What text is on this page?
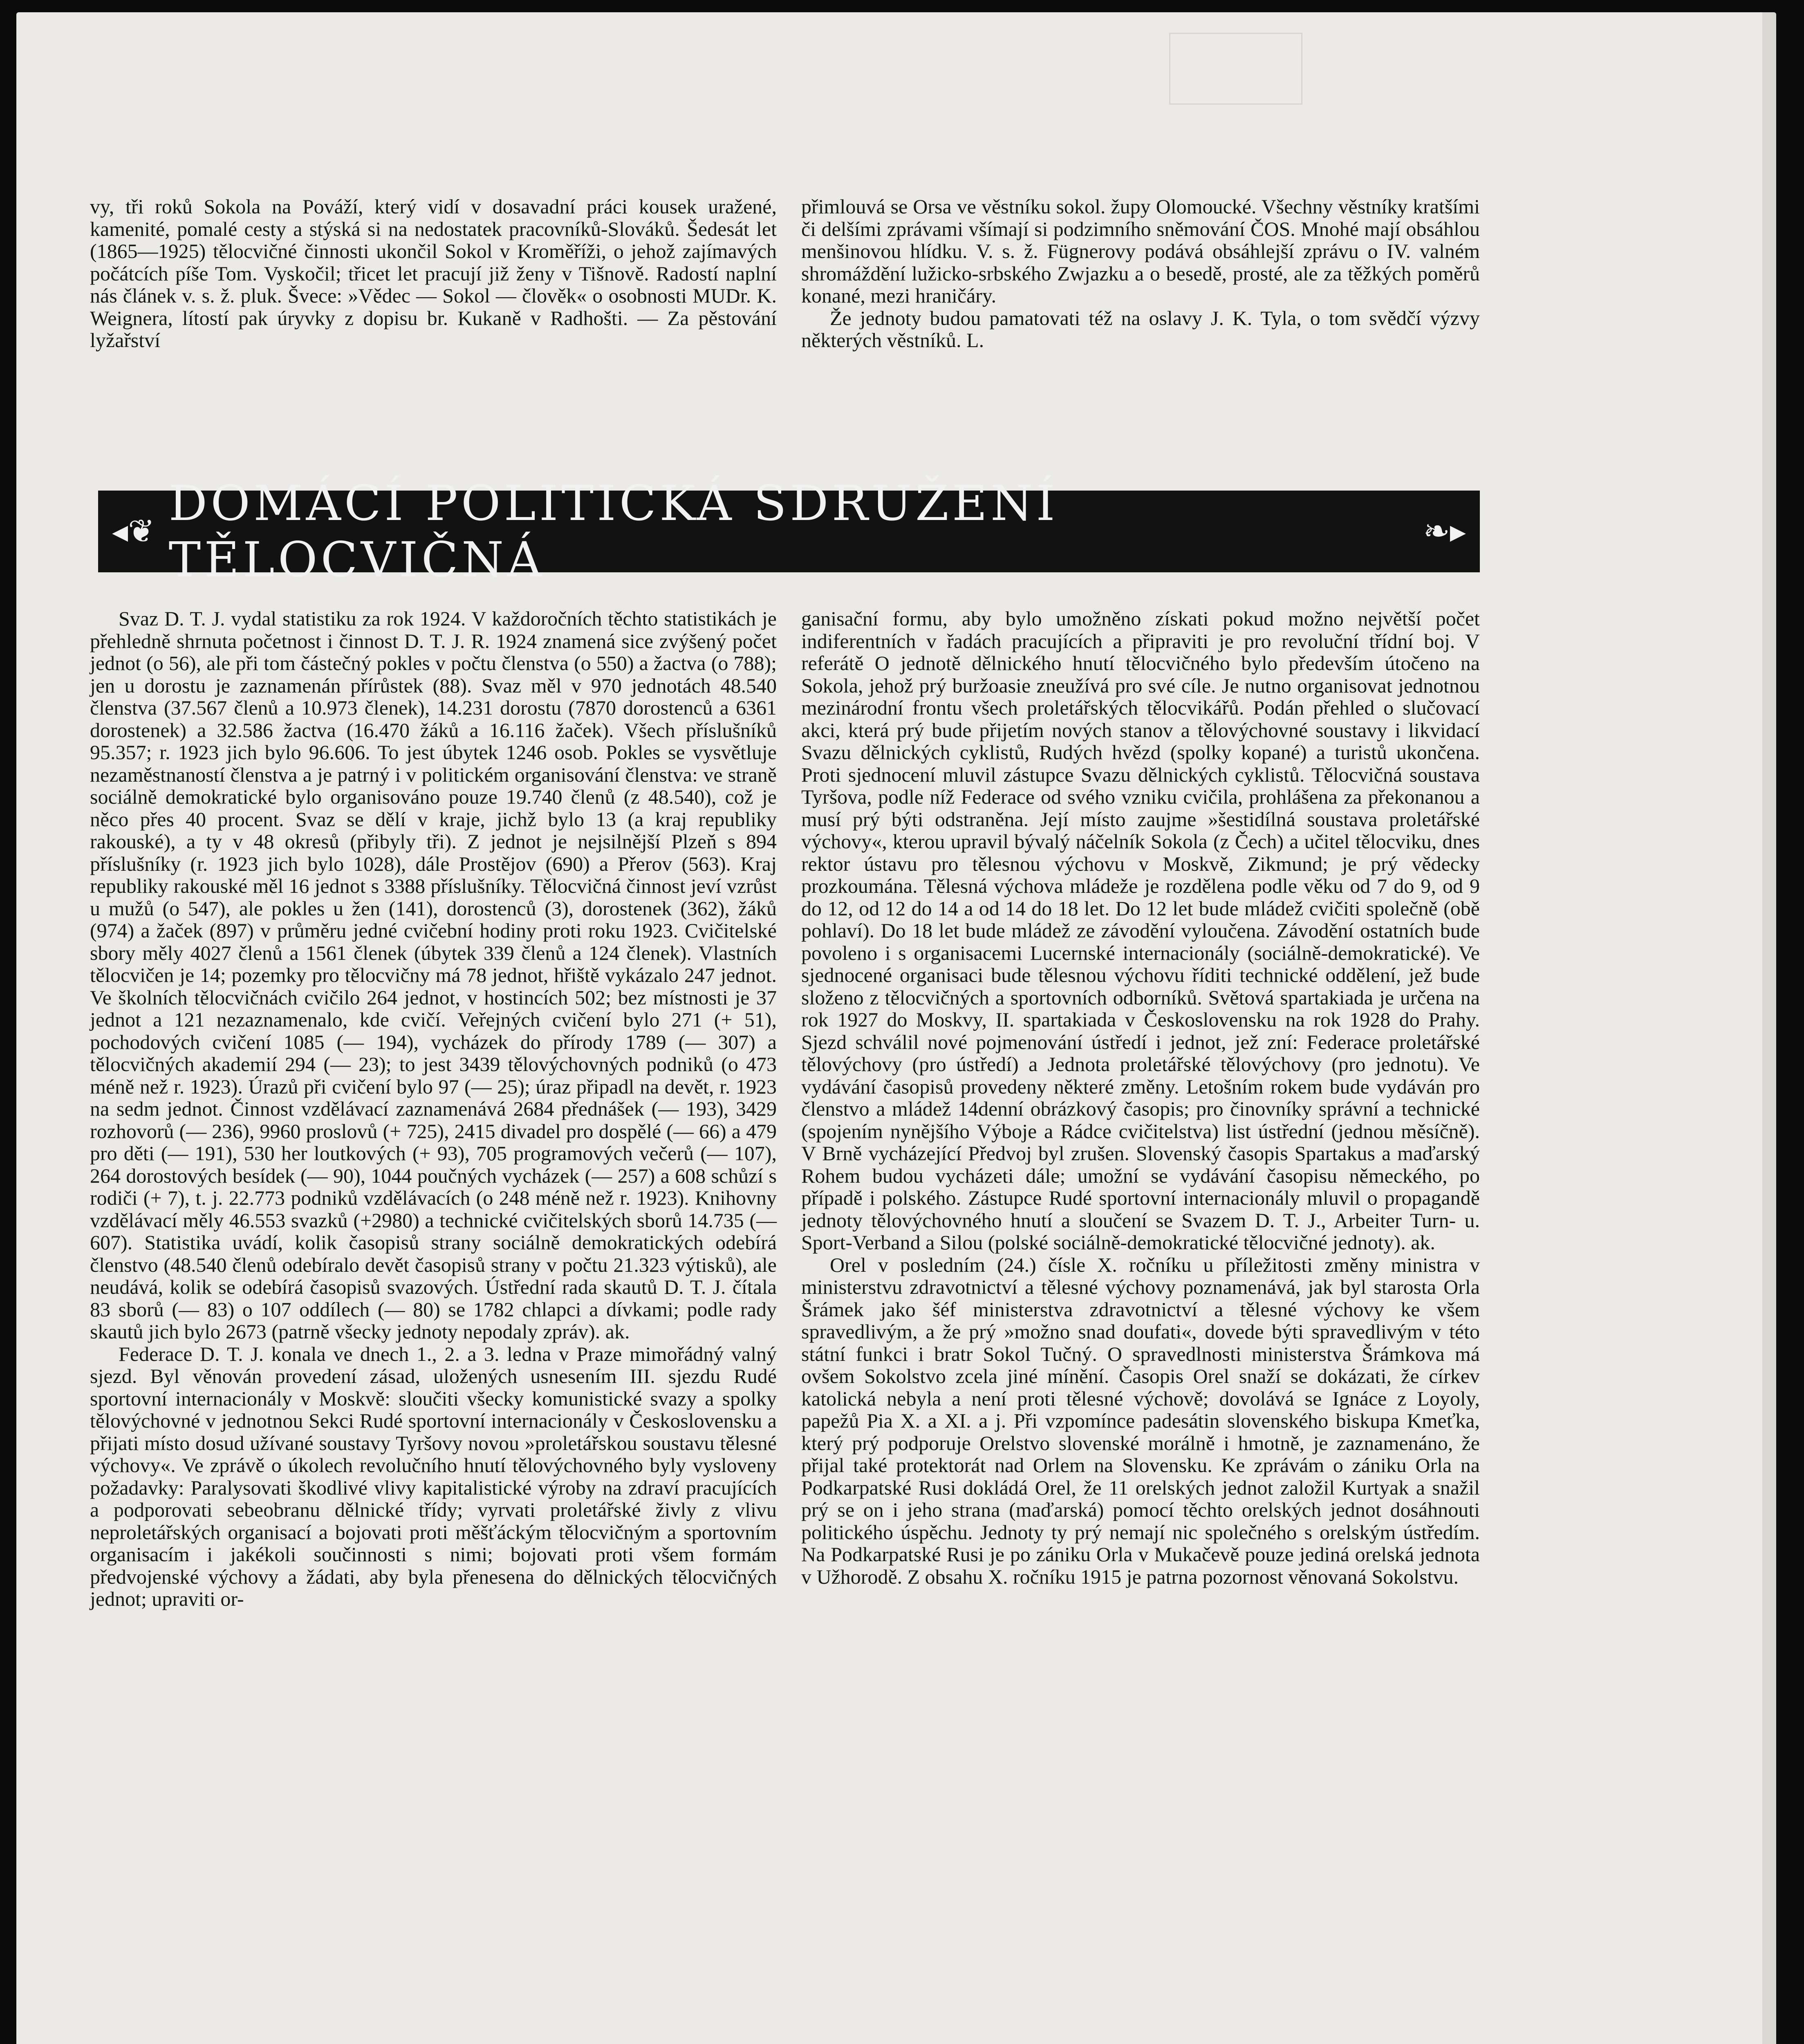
vy, tři roků Sokola na Pováží, který vidí v dosavadní práci kousek uražené, kamenité, pomalé cesty a stýská si na nedostatek pracovníků-Slováků. Šedesát let (1865—1925) tělocvičné činnosti ukončil Sokol v Kroměříži, o jehož zajímavých počátcích píše Tom. Vyskočil; třicet let pracují již ženy v Tišnově. Radostí naplní nás článek v. s. ž. pluk. Švece: »Vědec — Sokol — člověk« o osobnosti MUDr. K. Weignera, lítostí pak úryvky z dopisu br. Kukaně v Radhošti. — Za pěstování lyžařství

přimlouvá se Orsa ve věstníku sokol. župy Olomoucké. Všechny věstníky kratšími či delšími zprávami všímají si podzimního sněmování ČOS. Mnohé mají obsáhlou menšinovou hlídku. V. s. ž. Fügnerovy podává obsáhlejší zprávu o IV. valném shromáždění lužicko-srbského Zwjazku a o besedě, prosté, ale za těžkých poměrů konané, mezi hraničáry.

Že jednoty budou pamatovati též na oslavy J. K. Tyla, o tom svědčí výzvy některých věstníků. L.

◂❦ DOMÁCÍ POLITICKÁ SDRUŽENÍ TĚLOCVIČNÁ	❧▸

Svaz D. T. J. vydal statistiku za rok 1924. V každoročních těchto statistikách je přehledně shrnuta početnost i činnost D. T. J. R. 1924 znamená sice zvýšený počet jednot (o 56), ale při tom částečný pokles v počtu členstva (o 550) a žactva (o 788); jen u dorostu je zaznamenán přírůstek (88). Svaz měl v 970 jednotách 48.540 členstva (37.567 členů a 10.973 členek), 14.231 dorostu (7870 dorostenců a 6361 dorostenek) a 32.586 žactva (16.470 žáků a 16.116 žaček). Všech příslušníků 95.357; r. 1923 jich bylo 96.606. To jest úbytek 1246 osob. Pokles se vysvětluje nezaměstnaností členstva a je patrný i v politickém organisování členstva: ve straně sociálně demokratické bylo organisováno pouze 19.740 členů (z 48.540), což je něco přes 40 procent. Svaz se dělí v kraje, jichž bylo 13 (a kraj republiky rakouské), a ty v 48 okresů (přibyly tři). Z jednot je nejsilnější Plzeň s 894 příslušníky (r. 1923 jich bylo 1028), dále Prostějov (690) a Přerov (563). Kraj republiky rakouské měl 16 jednot s 3388 příslušníky. Tělocvičná činnost jeví vzrůst u mužů (o 547), ale pokles u žen (141), dorostenců (3), dorostenek (362), žáků (974) a žaček (897) v průměru jedné cvičební hodiny proti roku 1923. Cvičitelské sbory měly 4027 členů a 1561 členek (úbytek 339 členů a 124 členek). Vlastních tělocvičen je 14; pozemky pro tělocvičny má 78 jednot, hřiště vykázalo 247 jednot. Ve školních tělocvičnách cvičilo 264 jednot, v hostincích 502; bez místnosti je 37 jednot a 121 nezaznamenalo, kde cvičí. Veřejných cvičení bylo 271 (+ 51), pochodových cvičení 1085 (— 194), vycházek do přírody 1789 (— 307) a tělocvičných akademií 294 (— 23); to jest 3439 tělovýchovných podniků (o 473 méně než r. 1923). Úrazů při cvičení bylo 97 (— 25); úraz připadl na devět, r. 1923 na sedm jednot. Činnost vzdělávací zaznamenává 2684 přednášek (— 193), 3429 rozhovorů (— 236), 9960 proslovů (+ 725), 2415 divadel pro dospělé (— 66) a 479 pro děti (— 191), 530 her loutkových (+ 93), 705 programových večerů (— 107), 264 dorostových besídek (— 90), 1044 poučných vycházek (— 257) a 608 schůzí s rodiči (+ 7), t. j. 22.773 podniků vzdělávacích (o 248 méně než r. 1923). Knihovny vzdělávací měly 46.553 svazků (+2980) a technické cvičitelských sborů 14.735 (— 607). Statistika uvádí, kolik časopisů strany sociálně demokratických odebírá členstvo (48.540 členů odebíralo devět časopisů strany v počtu 21.323 výtisků), ale neudává, kolik se odebírá časopisů svazových. Ústřední rada skautů D. T. J. čítala 83 sborů (— 83) o 107 oddílech (— 80) se 1782 chlapci a dívkami; podle rady skautů jich bylo 2673 (patrně všecky jednoty nepodaly zpráv). ak.

Federace D. T. J. konala ve dnech 1., 2. a 3. ledna v Praze mimořádný valný sjezd. Byl věnován provedení zásad, uložených usnesením III. sjezdu Rudé sportovní internacionály v Moskvě: sloučiti všecky komunistické svazy a spolky tělovýchovné v jednotnou Sekci Rudé sportovní internacionály v Československu a přijati místo dosud užívané soustavy Tyršovy novou »proletářskou soustavu tělesné výchovy«. Ve zprávě o úkolech revolučního hnutí tělovýchovného byly vysloveny požadavky: Paralysovati škodlivé vlivy kapitalistické výroby na zdraví pracujících a podporovati sebeobranu dělnické třídy; vyrvati proletářské živly z vlivu neproletářských organisací a bojovati proti měšťáckým tělocvičným a sportovním organisacím i jakékoli součinnosti s nimi; bojovati proti všem formám předvojenské výchovy a žádati, aby byla přenesena do dělnických tělocvičných jednot; upraviti or-

ganisační formu, aby bylo umožněno získati pokud možno největší počet indiferentních v řadách pracujících a připraviti je pro revoluční třídní boj. V referátě O jednotě dělnického hnutí tělocvičného bylo především útočeno na Sokola, jehož prý buržoasie zneužívá pro své cíle. Je nutno organisovat jednotnou mezinárodní frontu všech proletářských tělocvikářů. Podán přehled o slučovací akci, která prý bude přijetím nových stanov a tělovýchovné soustavy i likvidací Svazu dělnických cyklistů, Rudých hvězd (spolky kopané) a turistů ukončena. Proti sjednocení mluvil zástupce Svazu dělnických cyklistů. Tělocvičná soustava Tyršova, podle níž Federace od svého vzniku cvičila, prohlášena za překonanou a musí prý býti odstraněna. Její místo zaujme »šestidílná soustava proletářské výchovy«, kterou upravil bývalý náčelník Sokola (z Čech) a učitel tělocviku, dnes rektor ústavu pro tělesnou výchovu v Moskvě, Zikmund; je prý vědecky prozkoumána. Tělesná výchova mládeže je rozdělena podle věku od 7 do 9, od 9 do 12, od 12 do 14 a od 14 do 18 let. Do 12 let bude mládež cvičiti společně (obě pohlaví). Do 18 let bude mládež ze závodění vyloučena. Závodění ostatních bude povoleno i s organisacemi Lucernské internacionály (sociálně-demokratické). Ve sjednocené organisaci bude tělesnou výchovu říditi technické oddělení, jež bude složeno z tělocvičných a sportovních odborníků. Světová spartakiada je určena na rok 1927 do Moskvy, II. spartakiada v Československu na rok 1928 do Prahy. Sjezd schválil nové pojmenování ústředí i jednot, jež zní: Federace proletářské tělovýchovy (pro ústředí) a Jednota proletářské tělovýchovy (pro jednotu). Ve vydávání časopisů provedeny některé změny. Letošním rokem bude vydáván pro členstvo a mládež 14denní obrázkový časopis; pro činovníky správní a technické (spojením nynějšího Výboje a Rádce cvičitelstva) list ústřední (jednou měsíčně). V Brně vycházející Předvoj byl zrušen. Slovenský časopis Spartakus a maďarský Rohem budou vycházeti dále; umožní se vydávání časopisu německého, po případě i polského. Zástupce Rudé sportovní internacionály mluvil o propagandě jednoty tělovýchovného hnutí a sloučení se Svazem D. T. J., Arbeiter Turn- u. Sport-Verband a Silou (polské sociálně-demokratické tělocvičné jednoty). ak.

Orel v posledním (24.) čísle X. ročníku u příležitosti změny ministra v ministerstvu zdravotnictví a tělesné výchovy poznamenává, jak byl starosta Orla Šrámek jako šéf ministerstva zdravotnictví a tělesné výchovy ke všem spravedlivým, a že prý »možno snad doufati«, dovede býti spravedlivým v této státní funkci i bratr Sokol Tučný. O spravedlnosti ministerstva Šrámkova má ovšem Sokolstvo zcela jiné mínění. Časopis Orel snaží se dokázati, že církev katolická nebyla a není proti tělesné výchově; dovolává se Ignáce z Loyoly, papežů Pia X. a XI. a j. Při vzpomínce padesátin slovenského biskupa Kmeťka, který prý podporuje Orelstvo slovenské morálně i hmotně, je zaznamenáno, že přijal také protektorát nad Orlem na Slovensku. Ke zprávám o zániku Orla na Podkarpatské Rusi dokládá Orel, že 11 orelských jednot založil Kurtyak a snažil prý se on i jeho strana (maďarská) pomocí těchto orelských jednot dosáhnouti politického úspěchu. Jednoty ty prý nemají nic společného s orelským ústředím. Na Podkarpatské Rusi je po zániku Orla v Mukačevě pouze jediná orelská jednota v Užhorodě. Z obsahu X. ročníku 1915 je patrna pozornost věnovaná Sokolstvu.
